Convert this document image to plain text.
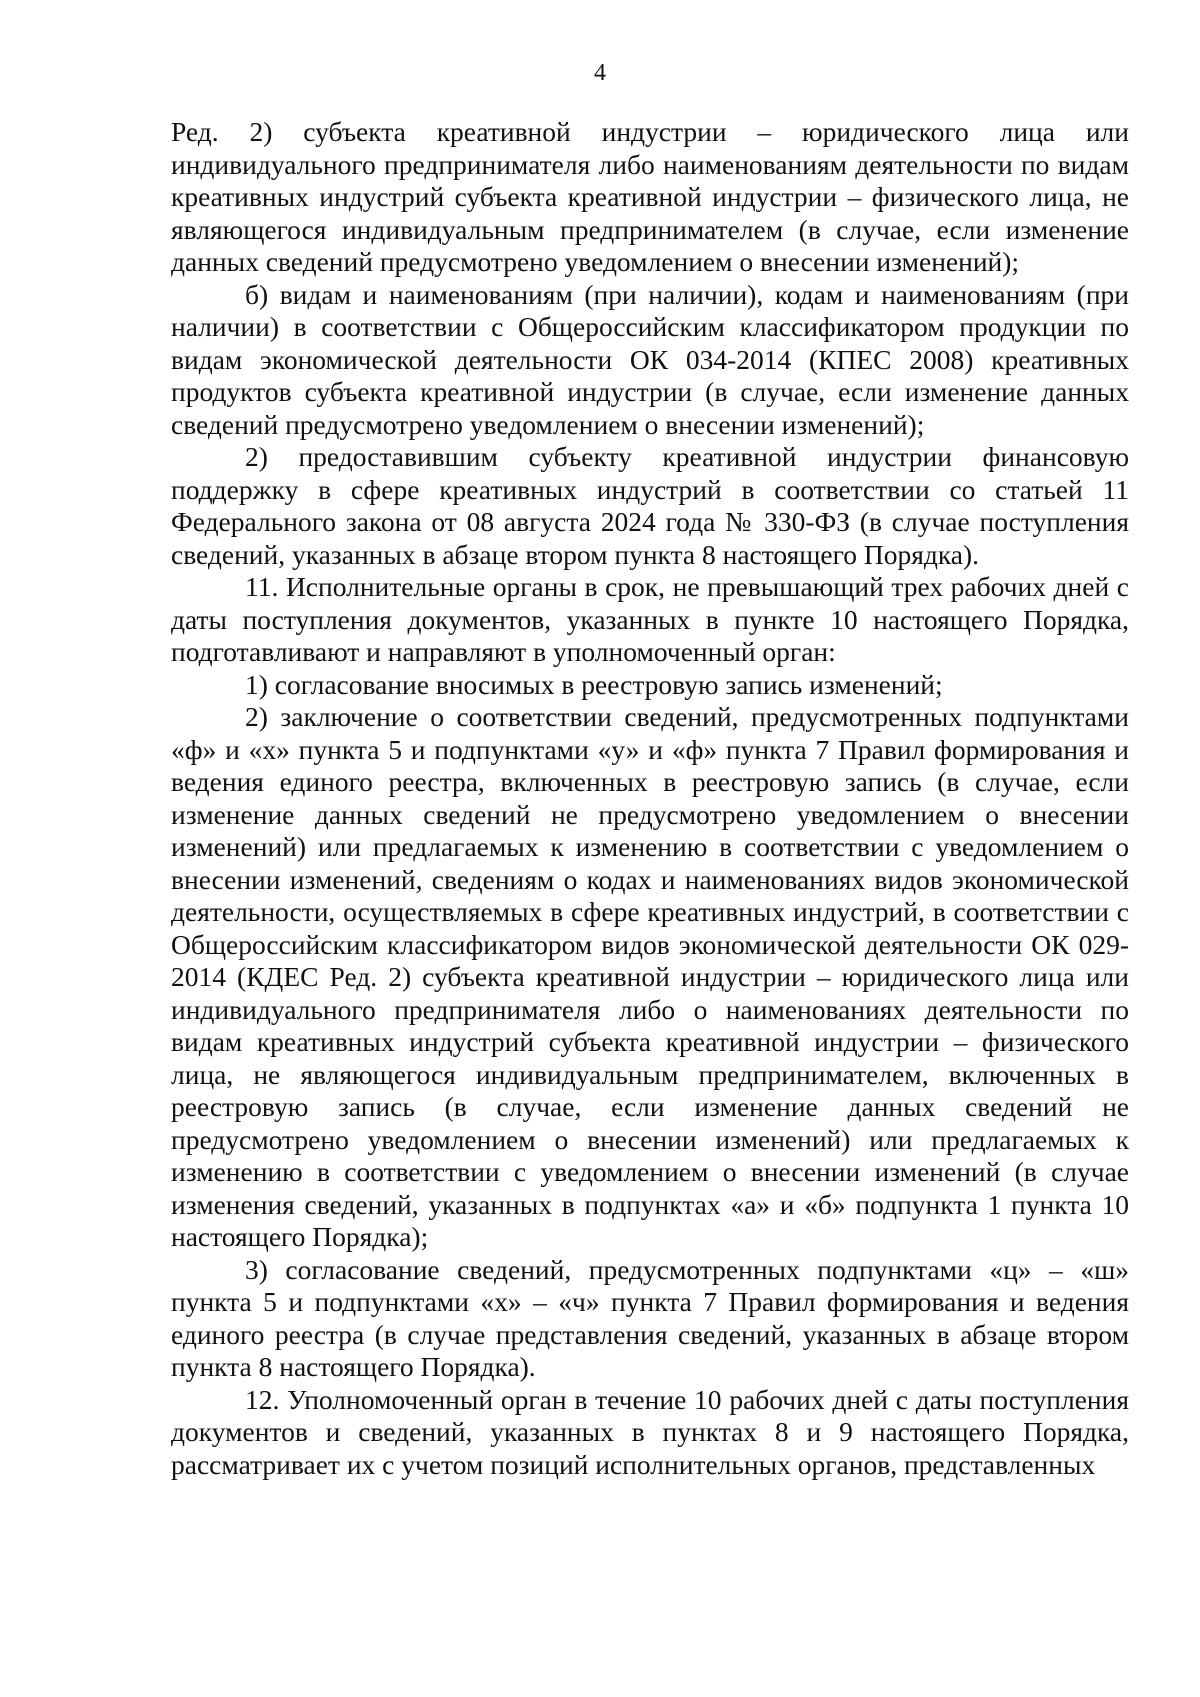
4

Ред. 2) субъекта креативной индустрии – юридического лица или индивидуального предпринимателя либо наименованиям деятельности по видам креативных индустрий субъекта креативной индустрии – физического лица, не являющегося индивидуальным предпринимателем (в случае, если изменение данных сведений предусмотрено уведомлением о внесении изменений);

б) видам и наименованиям (при наличии), кодам и наименованиям (при наличии) в соответствии с Общероссийским классификатором продукции по видам экономической деятельности ОК 034-2014 (КПЕС 2008) креативных продуктов субъекта креативной индустрии (в случае, если изменение данных сведений предусмотрено уведомлением о внесении изменений);

2) предоставившим субъекту креативной индустрии финансовую поддержку в сфере креативных индустрий в соответствии со статьей 11 Федерального закона от 08 августа 2024 года № 330-ФЗ (в случае поступления сведений, указанных в абзаце втором пункта 8 настоящего Порядка).

11. Исполнительные органы в срок, не превышающий трех рабочих дней с даты поступления документов, указанных в пункте 10 настоящего Порядка, подготавливают и направляют в уполномоченный орган:

1) согласование вносимых в реестровую запись изменений;

2) заключение о соответствии сведений, предусмотренных подпунктами «ф» и «х» пункта 5 и подпунктами «у» и «ф» пункта 7 Правил формирования и ведения единого реестра, включенных в реестровую запись (в случае, если изменение данных сведений не предусмотрено уведомлением о внесении изменений) или предлагаемых к изменению в соответствии с уведомлением о внесении изменений, сведениям о кодах и наименованиях видов экономической деятельности, осуществляемых в сфере креативных индустрий, в соответствии с Общероссийским классификатором видов экономической деятельности ОК 029-2014 (КДЕС Ред. 2) субъекта креативной индустрии – юридического лица или индивидуального предпринимателя либо о наименованиях деятельности по видам креативных индустрий субъекта креативной индустрии – физического лица, не являющегося индивидуальным предпринимателем, включенных в реестровую запись (в случае, если изменение данных сведений не предусмотрено уведомлением о внесении изменений) или предлагаемых к изменению в соответствии с уведомлением о внесении изменений (в случае изменения сведений, указанных в подпунктах «а» и «б» подпункта 1 пункта 10 настоящего Порядка);

3) согласование сведений, предусмотренных подпунктами «ц» – «ш» пункта 5 и подпунктами «х» – «ч» пункта 7 Правил формирования и ведения единого реестра (в случае представления сведений, указанных в абзаце втором пункта 8 настоящего Порядка).

12. Уполномоченный орган в течение 10 рабочих дней с даты поступления документов и сведений, указанных в пунктах 8 и 9 настоящего Порядка, рассматривает их с учетом позиций исполнительных органов, представленных
